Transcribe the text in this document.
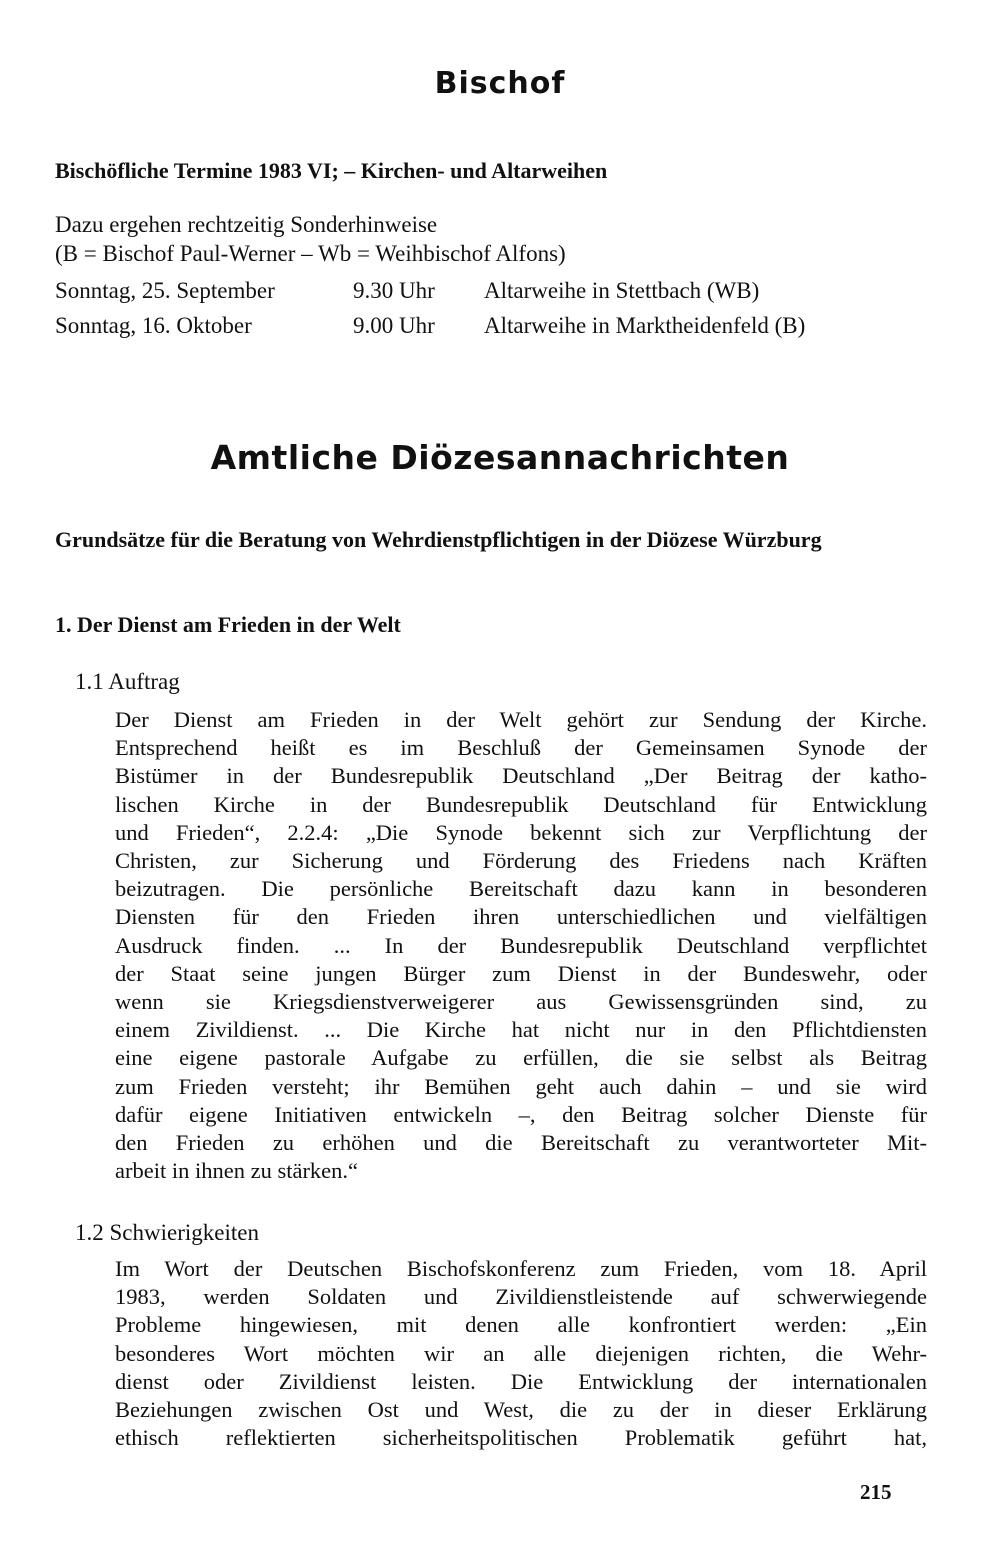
Bischof

Bischöfliche Termine 1983 VI; – Kirchen- und Altarweihen

Dazu ergehen rechtzeitig Sonderhinweise

(B = Bischof Paul-Werner – Wb = Weihbischof Alfons)

Sonntag, 25. September	9.30 Uhr Altarweihe in Stettbach (WB)
Sonntag, 16. Oktober	9.00 Uhr Altarweihe in Marktheidenfeld (B)
Amtliche Diözesannachrichten

Grundsätze für die Beratung von Wehrdienstpflichtigen in der Diözese Würzburg

1. Der Dienst am Frieden in der Welt

1.1 Auftrag

Der Dienst am Frieden in der Welt gehört zur Sendung der Kirche.
Entsprechend heißt es im Beschluß der Gemeinsamen Synode der
Bistümer in der Bundesrepublik Deutschland „Der Beitrag der katho-
lischen Kirche in der Bundesrepublik Deutschland für Entwicklung
und Frieden“, 2.2.4: „Die Synode bekennt sich zur Verpflichtung der
Christen, zur Sicherung und Förderung des Friedens nach Kräften
beizutragen. Die persönliche Bereitschaft dazu kann in besonderen
Diensten für den Frieden ihren unterschiedlichen und vielfältigen
Ausdruck finden. ... In der Bundesrepublik Deutschland verpflichtet
der Staat seine jungen Bürger zum Dienst in der Bundeswehr, oder
wenn sie Kriegsdienstverweigerer aus Gewissensgründen sind, zu
einem Zivildienst. ... Die Kirche hat nicht nur in den Pflichtdiensten
eine eigene pastorale Aufgabe zu erfüllen, die sie selbst als Beitrag
zum Frieden versteht; ihr Bemühen geht auch dahin – und sie wird
dafür eigene Initiativen entwickeln –, den Beitrag solcher Dienste für
den Frieden zu erhöhen und die Bereitschaft zu verantworteter Mit-
arbeit in ihnen zu stärken.“

1.2 Schwierigkeiten

Im Wort der Deutschen Bischofskonferenz zum Frieden, vom 18. April
1983, werden Soldaten und Zivildienstleistende auf schwerwiegende
Probleme hingewiesen, mit denen alle konfrontiert werden: „Ein
besonderes Wort möchten wir an alle diejenigen richten, die Wehr-
dienst oder Zivildienst leisten. Die Entwicklung der internationalen
Beziehungen zwischen Ost und West, die zu der in dieser Erklärung
ethisch reflektierten sicherheitspolitischen Problematik geführt hat,

215
